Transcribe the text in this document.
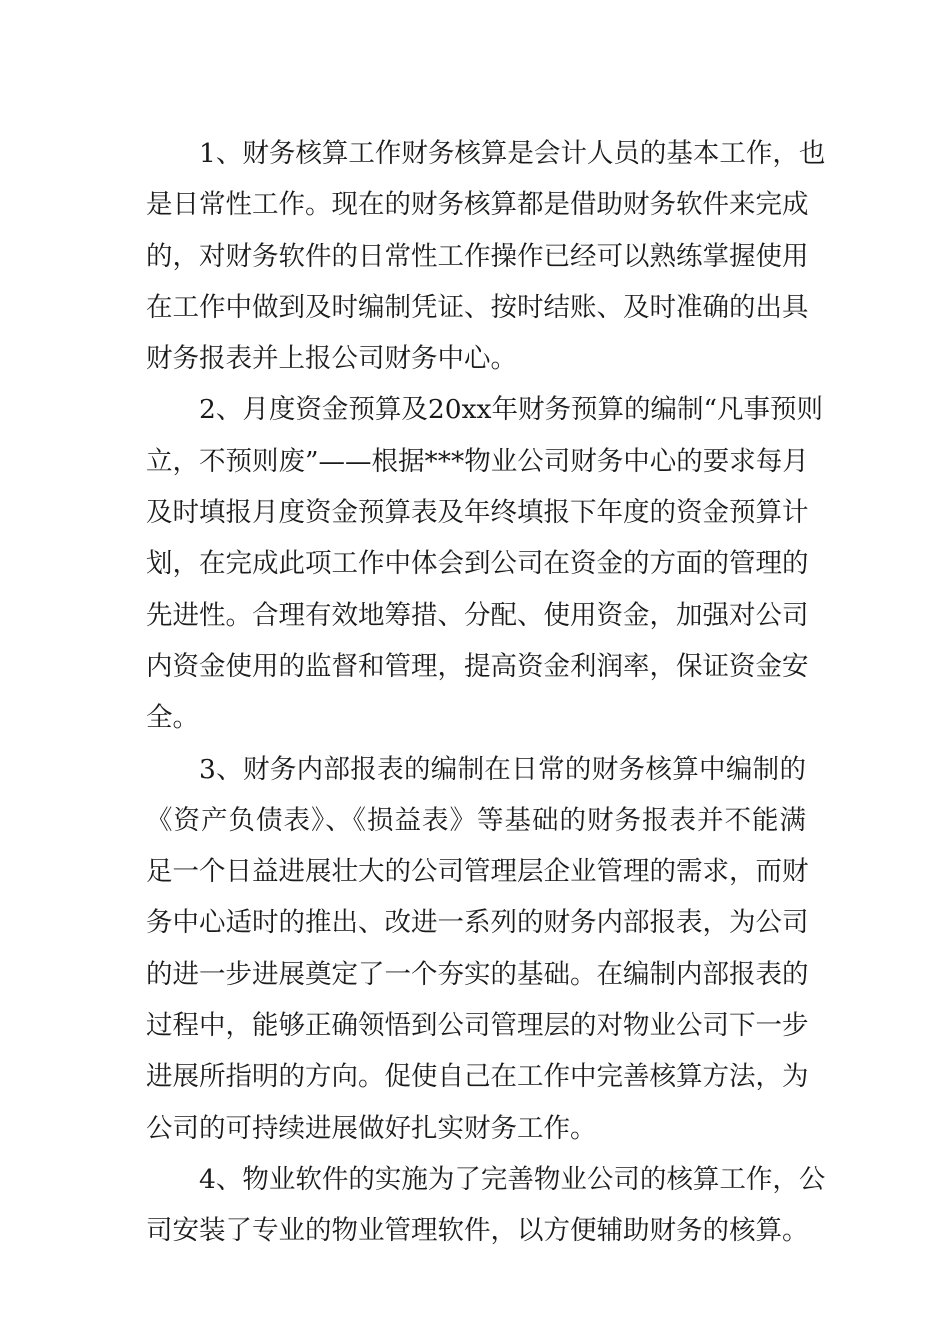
1、财务核算工作财务核算是会计人员的基本工作，也
是日常性工作。现在的财务核算都是借助财务软件来完成
的，对财务软件的日常性工作操作已经可以熟练掌握使用
在工作中做到及时编制凭证、按时结账、及时准确的出具
财务报表并上报公司财务中心。
2、月度资金预算及20xx年财务预算的编制“凡事预则
立，不预则废”——根据***物业公司财务中心的要求每月
及时填报月度资金预算表及年终填报下年度的资金预算计
划，在完成此项工作中体会到公司在资金的方面的管理的
先进性。合理有效地筹措、分配、使用资金，加强对公司
内资金使用的监督和管理，提高资金利润率，保证资金安
全。
3、财务内部报表的编制在日常的财务核算中编制的
《资产负债表》、《损益表》等基础的财务报表并不能满
足一个日益进展壮大的公司管理层企业管理的需求，而财
务中心适时的推出、改进一系列的财务内部报表，为公司
的进一步进展奠定了一个夯实的基础。在编制内部报表的
过程中，能够正确领悟到公司管理层的对物业公司下一步
进展所指明的方向。促使自己在工作中完善核算方法，为
公司的可持续进展做好扎实财务工作。
4、物业软件的实施为了完善物业公司的核算工作，公
司安装了专业的物业管理软件，以方便辅助财务的核算。
